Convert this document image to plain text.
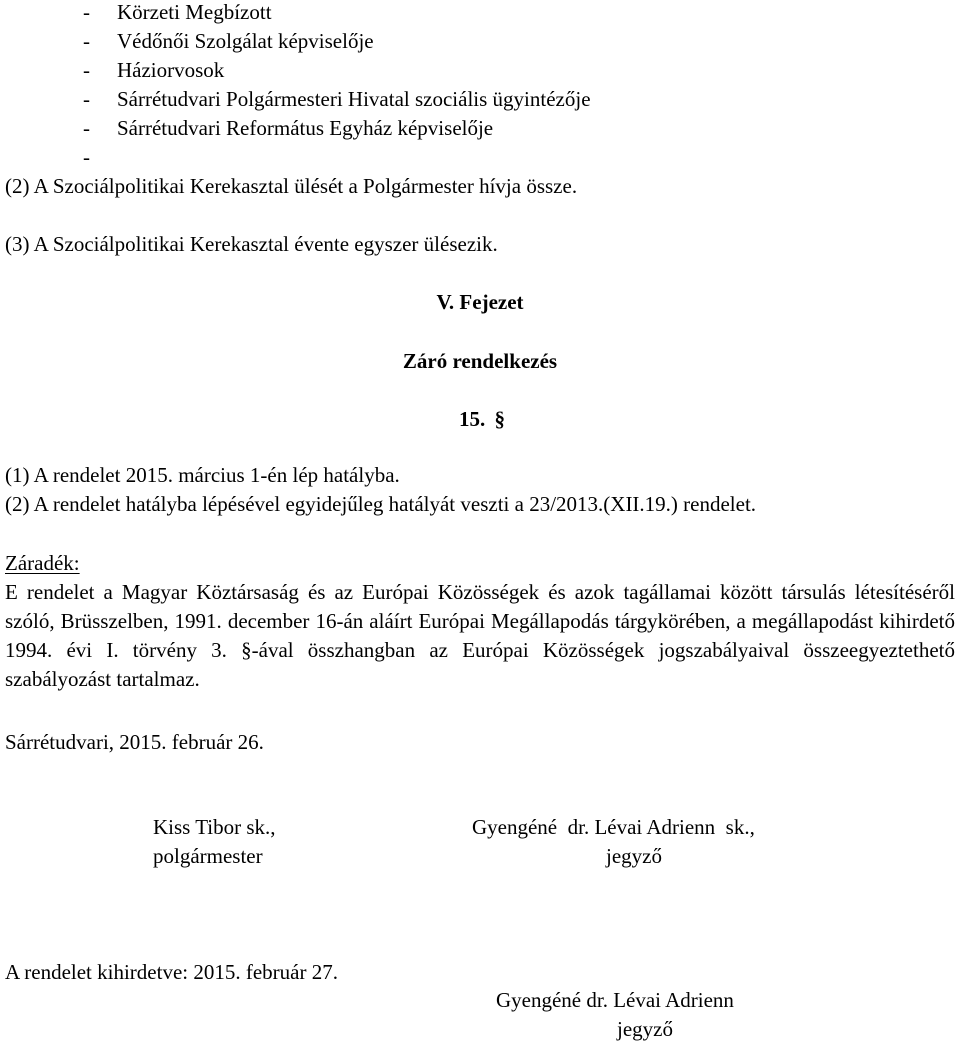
- Körzeti Megbízott
- Védőnői Szolgálat képviselője
- Háziorvosok
- Sárrétudvari Polgármesteri Hivatal szociális ügyintézője
- Sárrétudvari Református Egyház képviselője
-
(2) A Szociálpolitikai Kerekasztal ülését a Polgármester hívja össze.
(3) A Szociálpolitikai Kerekasztal évente egyszer ülésezik.
V. Fejezet
Záró rendelkezés
15. §
(1) A rendelet 2015. március 1-én lép hatályba.
(2) A rendelet hatályba lépésével egyidejűleg hatályát veszti a 23/2013.(XII.19.) rendelet.
Záradék:
E rendelet a Magyar Köztársaság és az Európai Közösségek és azok tagállamai között társulás létesítéséről szóló, Brüsszelben, 1991. december 16-án aláírt Európai Megállapodás tárgykörében, a megállapodást kihirdető 1994. évi I. törvény 3. §-ával összhangban az Európai Közösségek jogszabályaival összeegyeztethető szabályozást tartalmaz.
Sárrétudvari, 2015. február 26.
Kiss Tibor sk.,
polgármester
Gyengéné  dr. Lévai Adrienn  sk.,
jegyző
A rendelet kihirdetve: 2015. február 27.
Gyengéné dr. Lévai Adrienn
jegyző
